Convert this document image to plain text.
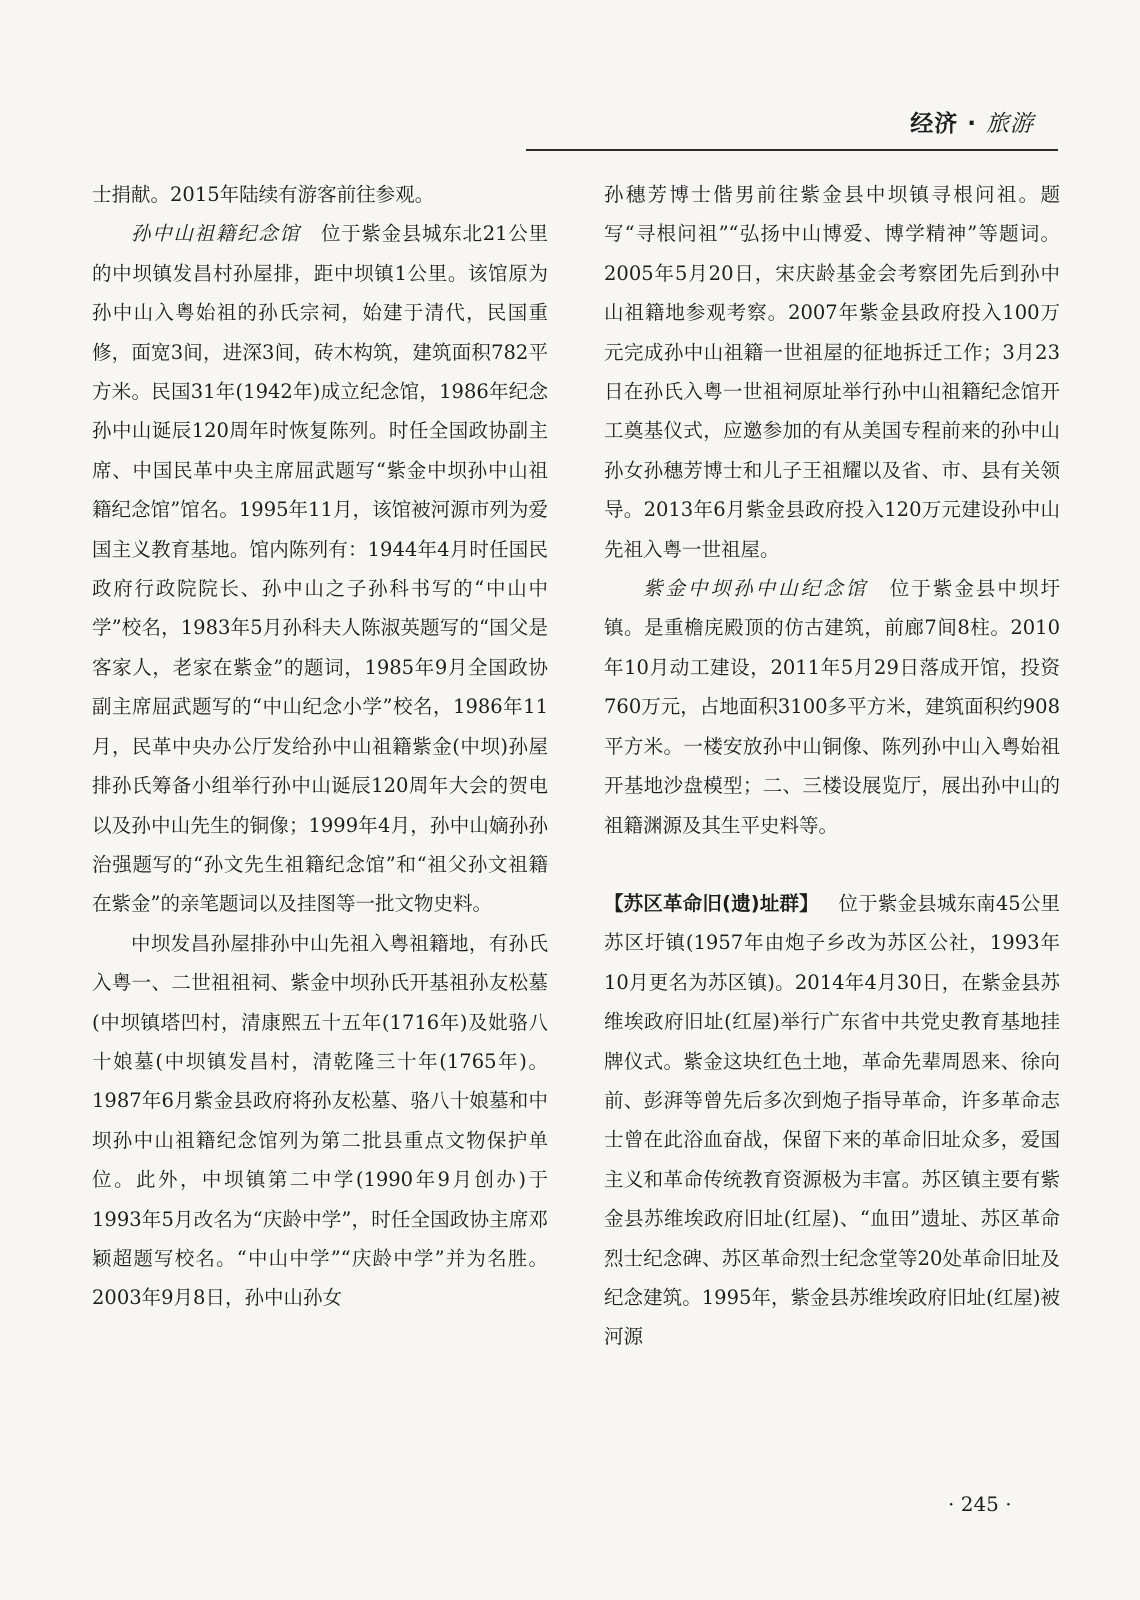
经济 · 旅游

士捐献。2015年陆续有游客前往参观。

孙中山祖籍纪念馆  位于紫金县城东北21公里的中坝镇发昌村孙屋排，距中坝镇1公里。该馆原为孙中山入粤始祖的孙氏宗祠，始建于清代，民国重修，面宽3间，进深3间，砖木构筑，建筑面积782平方米。民国31年(1942年)成立纪念馆，1986年纪念孙中山诞辰120周年时恢复陈列。时任全国政协副主席、中国民革中央主席屈武题写“紫金中坝孙中山祖籍纪念馆”馆名。1995年11月，该馆被河源市列为爱国主义教育基地。馆内陈列有：1944年4月时任国民政府行政院院长、孙中山之子孙科书写的“中山中学”校名，1983年5月孙科夫人陈淑英题写的“国父是客家人，老家在紫金”的题词，1985年9月全国政协副主席屈武题写的“中山纪念小学”校名，1986年11月，民革中央办公厅发给孙中山祖籍紫金(中坝)孙屋排孙氏筹备小组举行孙中山诞辰120周年大会的贺电以及孙中山先生的铜像；1999年4月，孙中山嫡孙孙治强题写的“孙文先生祖籍纪念馆”和“祖父孙文祖籍在紫金”的亲笔题词以及挂图等一批文物史料。

中坝发昌孙屋排孙中山先祖入粤祖籍地，有孙氏入粤一、二世祖祖祠、紫金中坝孙氏开基祖孙友松墓(中坝镇塔凹村，清康熙五十五年(1716年)及妣骆八十娘墓(中坝镇发昌村，清乾隆三十年(1765年)。1987年6月紫金县政府将孙友松墓、骆八十娘墓和中坝孙中山祖籍纪念馆列为第二批县重点文物保护单位。此外，中坝镇第二中学(1990年9月创办)于1993年5月改名为“庆龄中学”，时任全国政协主席邓颖超题写校名。“中山中学”“庆龄中学”并为名胜。2003年9月8日，孙中山孙女

孙穗芳博士偕男前往紫金县中坝镇寻根问祖。题写“寻根问祖”“弘扬中山博爱、博学精神”等题词。2005年5月20日，宋庆龄基金会考察团先后到孙中山祖籍地参观考察。2007年紫金县政府投入100万元完成孙中山祖籍一世祖屋的征地拆迁工作；3月23日在孙氏入粤一世祖祠原址举行孙中山祖籍纪念馆开工奠基仪式，应邀参加的有从美国专程前来的孙中山孙女孙穗芳博士和儿子王祖耀以及省、市、县有关领导。2013年6月紫金县政府投入120万元建设孙中山先祖入粤一世祖屋。

紫金中坝孙中山纪念馆  位于紫金县中坝圩镇。是重檐庑殿顶的仿古建筑，前廊7间8柱。2010年10月动工建设，2011年5月29日落成开馆，投资760万元，占地面积3100多平方米，建筑面积约908平方米。一楼安放孙中山铜像、陈列孙中山入粤始祖开基地沙盘模型；二、三楼设展览厅，展出孙中山的祖籍渊源及其生平史料等。

【苏区革命旧(遗)址群】  位于紫金县城东南45公里苏区圩镇(1957年由炮子乡改为苏区公社，1993年10月更名为苏区镇)。2014年4月30日，在紫金县苏维埃政府旧址(红屋)举行广东省中共党史教育基地挂牌仪式。紫金这块红色土地，革命先辈周恩来、徐向前、彭湃等曾先后多次到炮子指导革命，许多革命志士曾在此浴血奋战，保留下来的革命旧址众多，爱国主义和革命传统教育资源极为丰富。苏区镇主要有紫金县苏维埃政府旧址(红屋)、“血田”遗址、苏区革命烈士纪念碑、苏区革命烈士纪念堂等20处革命旧址及纪念建筑。1995年，紫金县苏维埃政府旧址(红屋)被河源

· 245 ·
